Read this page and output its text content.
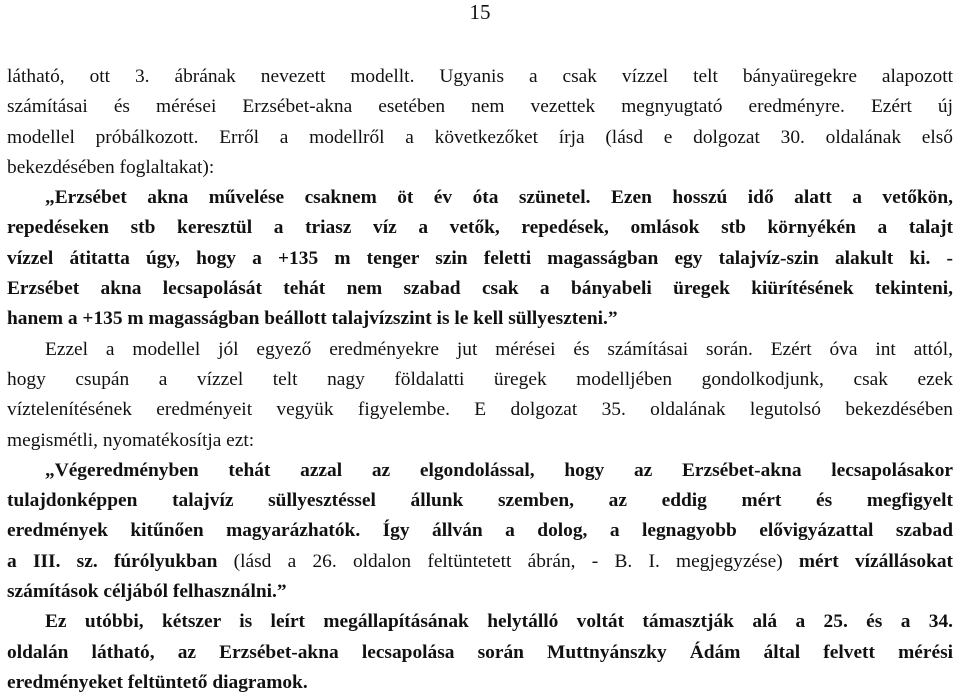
15
látható, ott 3. ábrának nevezett modellt. Ugyanis a csak vízzel telt bányaüregekre alapozott
számításai és mérései Erzsébet-akna esetében nem vezettek megnyugtató eredményre. Ezért új
modellel próbálkozott. Erről a modellről a következőket írja (lásd e dolgozat 30. oldalának első
bekezdésében foglaltakat):
„Erzsébet akna művelése csaknem öt év óta szünetel. Ezen hosszú idő alatt a vetőkön,
repedéseken stb keresztül a triasz víz a vetők, repedések, omlások stb környékén a talajt
vízzel átitatta úgy, hogy a +135 m tenger szin feletti magasságban egy talajvíz-szin alakult ki. -
Erzsébet akna lecsapolását tehát nem szabad csak a bányabeli üregek kiürítésének tekinteni,
hanem a +135 m magasságban beállott talajvízszint is le kell süllyeszteni.”
Ezzel a modellel jól egyező eredményekre jut mérései és számításai során. Ezért óva int attól,
hogy csupán a vízzel telt nagy földalatti üregek modelljében gondolkodjunk, csak ezek
víztelenítésének eredményeit vegyük figyelembe. E dolgozat 35. oldalának legutolsó bekezdésében
megismétli, nyomatékosítja ezt:
„Végeredményben tehát azzal az elgondolással, hogy az Erzsébet-akna lecsapolásakor
tulajdonképpen talajvíz süllyesztéssel állunk szemben, az eddig mért és megfigyelt
eredmények kitűnően magyarázhatók. Így állván a dolog, a legnagyobb elővigyázattal szabad
a III. sz. fúrólyukban (lásd a 26. oldalon feltüntetett ábrán, - B. I. megjegyzése) mért vízállásokat
számítások céljából felhasználni.”
Ez utóbbi, kétszer is leírt megállapításának helytálló voltát támasztják alá a 25. és a 34.
oldalán látható, az Erzsébet-akna lecsapolása során Muttnyánszky Ádám által felvett mérési
eredményeket feltüntető diagramok.
